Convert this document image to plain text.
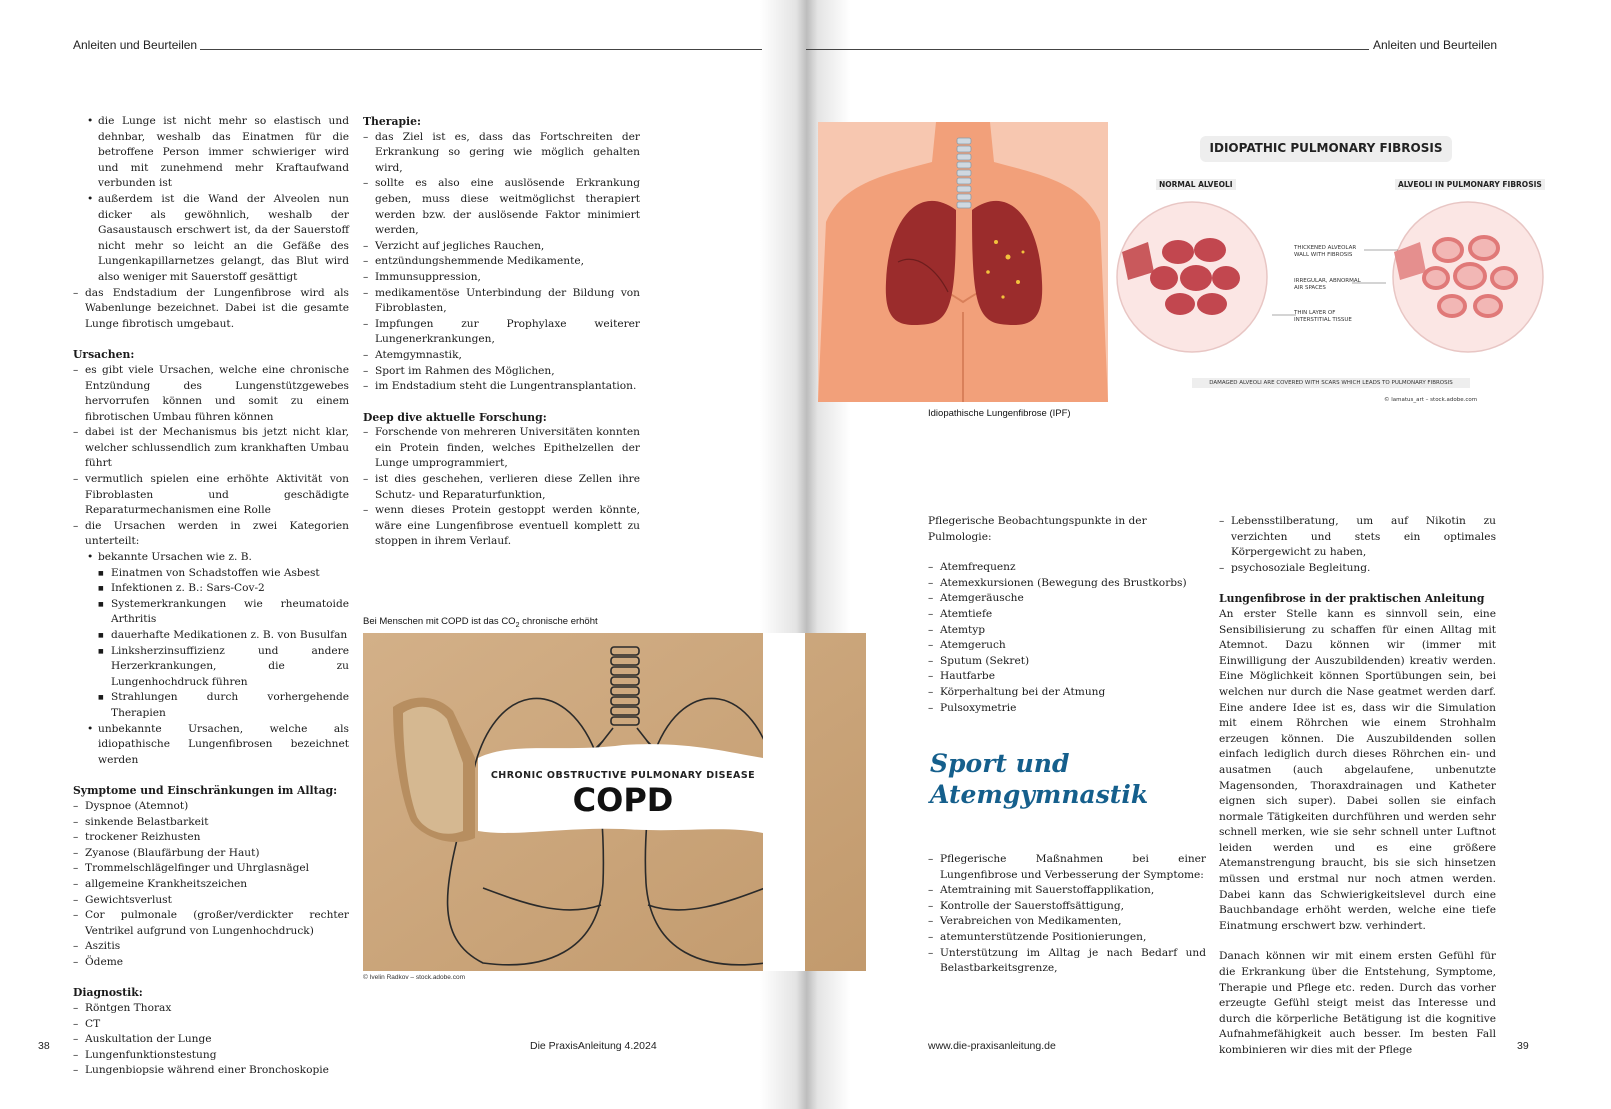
Anleiten und Beurteilen	Anleiten und Beurteilen
• die Lunge ist nicht mehr so elastisch und dehnbar, weshalb das Einatmen für die betroffene Person immer schwieriger wird und mit zunehmend mehr Kraftaufwand verbunden ist
• außerdem ist die Wand der Alveolen nun dicker als gewöhnlich, weshalb der Gasaustausch erschwert ist, da der Sauerstoff nicht mehr so leicht an die Gefäße des Lungenkapillarnetzes gelangt, das Blut wird also weniger mit Sauerstoff gesättigt
– das Endstadium der Lungenfibrose wird als Wabenlunge bezeichnet. Dabei ist die gesamte Lunge fibrotisch umgebaut.
Ursachen:
– es gibt viele Ursachen, welche eine chronische Entzündung des Lungenstützgewebes hervorrufen können und somit zu einem fibrotischen Umbau führen können
– dabei ist der Mechanismus bis jetzt nicht klar, welcher schlussendlich zum krankhaften Umbau führt
– vermutlich spielen eine erhöhte Aktivität von Fibroblasten und geschädigte Reparaturmechanismen eine Rolle
– die Ursachen werden in zwei Kategorien unterteilt:
• bekannte Ursachen wie z. B.
■ Einatmen von Schadstoffen wie Asbest
■ Infektionen z. B.: Sars-Cov-2
■ Systemerkrankungen wie rheumatoide Arthritis
■ dauerhafte Medikationen z. B. von Busulfan
■ Linksherzinsuffizienz und andere Herzerkrankungen, die zu Lungenhochdruck führen
■ Strahlungen durch vorhergehende Therapien
• unbekannte Ursachen, welche als idiopathische Lungenfibrosen bezeichnet werden
Symptome und Einschränkungen im Alltag:
– Dyspnoe (Atemnot)
– sinkende Belastbarkeit
– trockener Reizhusten
– Zyanose (Blaufärbung der Haut)
– Trommelschlägelfinger und Uhrglasnägel
– allgemeine Krankheitszeichen
– Gewichtsverlust
– Cor pulmonale (großer/verdickter rechter Ventrikel aufgrund von Lungenhochdruck)
– Aszitis
– Ödeme
Diagnostik:
– Röntgen Thorax
– CT
– Auskultation der Lunge
– Lungenfunktionstestung
– Lungenbiopsie während einer Bronchoskopie
Therapie:
– das Ziel ist es, dass das Fortschreiten der Erkrankung so gering wie möglich gehalten wird,
– sollte es also eine auslösende Erkrankung geben, muss diese weitmöglichst therapiert werden bzw. der auslösende Faktor minimiert werden,
– Verzicht auf jegliches Rauchen,
– entzündungshemmende Medikamente,
– Immunsuppression,
– medikamentöse Unterbindung der Bildung von Fibroblasten,
– Impfungen zur Prophylaxe weiterer Lungenerkrankungen,
– Atemgymnastik,
– Sport im Rahmen des Möglichen,
– im Endstadium steht die Lungentransplantation.
Deep dive aktuelle Forschung:
– Forschende von mehreren Universitäten konnten ein Protein finden, welches Epithelzellen der Lunge umprogrammiert,
– ist dies geschehen, verlieren diese Zellen ihre Schutz- und Reparaturfunktion,
– wenn dieses Protein gestoppt werden könnte, wäre eine Lungenfibrose eventuell komplett zu stoppen in ihrem Verlauf.
Bei Menschen mit COPD ist das $CO_2$ chronische erhöht
CHRONIC OBSTRUCTIVE PULMONARY DISEASE
COPD
© Ivelin Radkov – stock.adobe.com
IDIOPATHIC PULMONARY FIBROSIS
NORMAL ALVEOLI	ALVEOLI IN PULMONARY FIBROSIS
THICKENED ALVEOLAR WALL WITH FIBROSIS
IRREGULAR, ABNORMAL AIR SPACES
THIN LAYER OF INTERSTITIAL TISSUE
DAMAGED ALVEOLI ARE COVERED WITH SCARS WHICH LEADS TO PULMONARY FIBROSIS
© lamatus_art – stock.adobe.com
Idiopathische Lungenfibrose (IPF)
Pflegerische Beobachtungspunkte in der Pulmologie:
– Atemfrequenz
– Atemexkursionen (Bewegung des Brustkorbs)
– Atemgeräusche
– Atemtiefe
– Atemtyp
– Atemgeruch
– Sputum (Sekret)
– Hautfarbe
– Körperhaltung bei der Atmung
– Pulsoxymetrie
Sport und
Atemgymnastik
– Pflegerische Maßnahmen bei einer Lungenfibrose und Verbesserung der Symptome:
– Atemtraining mit Sauerstoffapplikation,
– Kontrolle der Sauerstoffsättigung,
– Verabreichen von Medikamenten,
– atemunterstützende Positionierungen,
– Unterstützung im Alltag je nach Bedarf und Belastbarkeitsgrenze,
– Lebensstilberatung, um auf Nikotin zu verzichten und stets ein optimales Körpergewicht zu haben,
– psychosoziale Begleitung.
Lungenfibrose in der praktischen Anleitung
An erster Stelle kann es sinnvoll sein, eine Sensibilisierung zu schaffen für einen Alltag mit Atemnot. Dazu können wir (immer mit Einwilligung der Auszubildenden) kreativ werden. Eine Möglichkeit können Sportübungen sein, bei welchen nur durch die Nase geatmet werden darf. Eine andere Idee ist es, dass wir die Simulation mit einem Röhrchen wie einem Strohhalm erzeugen können. Die Auszubildenden sollen einfach lediglich durch dieses Röhrchen ein- und ausatmen (auch abgelaufene, unbenutzte Magensonden, Thoraxdrainagen und Katheter eignen sich super). Dabei sollen sie einfach normale Tätigkeiten durchführen und werden sehr schnell merken, wie sie sehr schnell unter Luftnot leiden werden und es eine größere Atemanstrengung braucht, bis sie sich hinsetzen müssen und erstmal nur noch atmen werden. Dabei kann das Schwierigkeitslevel durch eine Bauchbandage erhöht werden, welche eine tiefe Einatmung erschwert bzw. verhindert.
Danach können wir mit einem ersten Gefühl für die Erkrankung über die Entstehung, Symptome, Therapie und Pflege etc. reden. Durch das vorher erzeugte Gefühl steigt meist das Interesse und durch die körperliche Betätigung ist die kognitive Aufnahmefähigkeit auch besser. Im besten Fall kombinieren wir dies mit der Pflege
38	Die PraxisAnleitung 4.2024	www.die-praxisanleitung.de	39
